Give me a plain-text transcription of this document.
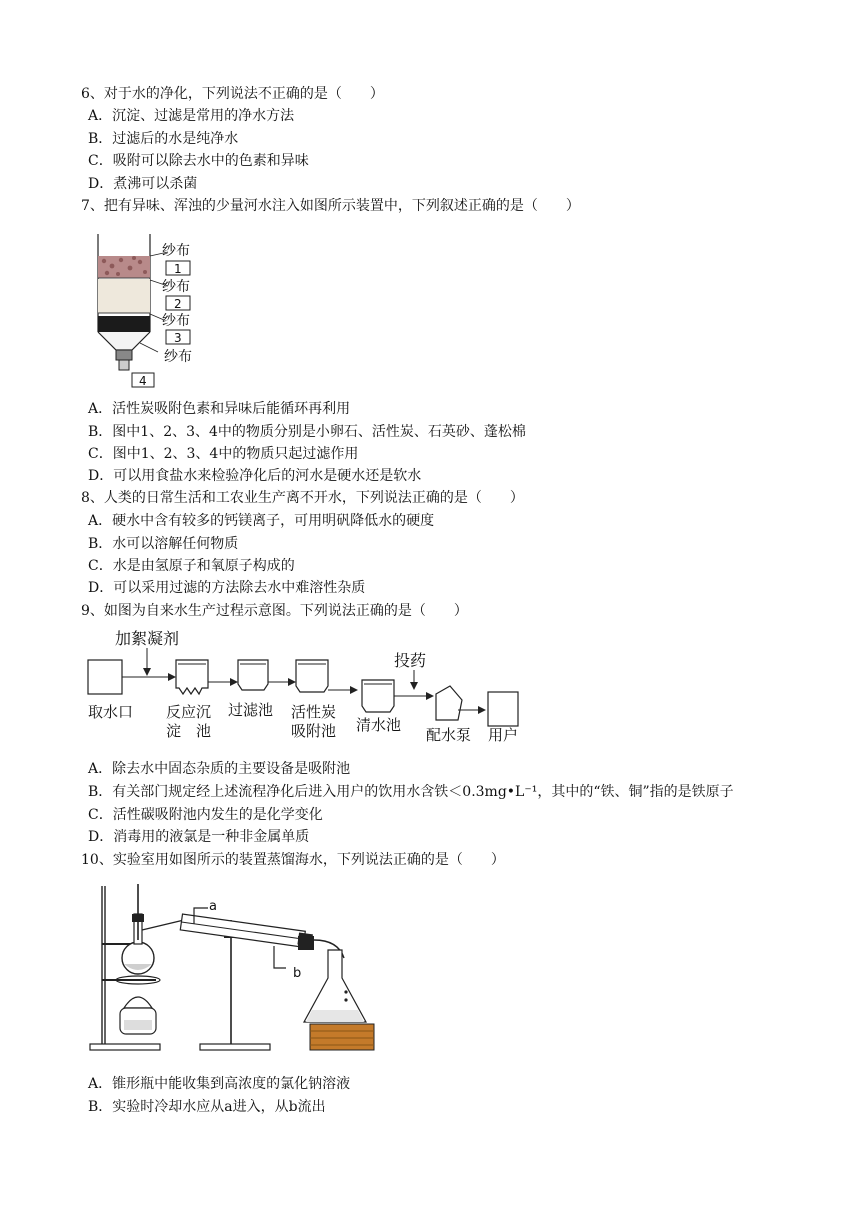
6、对于水的净化，下列说法不正确的是（　　）
A．沉淀、过滤是常用的净水方法
B．过滤后的水是纯净水
C．吸附可以除去水中的色素和异味
D．煮沸可以杀菌
7、把有异味、浑浊的少量河水注入如图所示装置中，下列叙述正确的是（　　）
纱布
1
纱布
2
纱布
3
纱布
4
A．活性炭吸附色素和异味后能循环再利用
B．图中1、2、3、4中的物质分别是小卵石、活性炭、石英砂、蓬松棉
C．图中1、2、3、4中的物质只起过滤作用
D．可以用食盐水来检验净化后的河水是硬水还是软水
8、人类的日常生活和工农业生产离不开水，下列说法正确的是（　　）
A．硬水中含有较多的钙镁离子，可用明矾降低水的硬度
B．水可以溶解任何物质
C．水是由氢原子和氧原子构成的
D．可以采用过滤的方法除去水中难溶性杂质
9、如图为自来水生产过程示意图。下列说法正确的是（　　）
加絮凝剂
投药
取水口 反应沉
淀　池
过滤池 活性炭
吸附池 清水池
配水泵 用户
A．除去水中固态杂质的主要设备是吸附池
B．有关部门规定经上述流程净化后进入用户的饮用水含铁＜0.3mg•L⁻¹，其中的“铁、铜”指的是铁原子
C．活性碳吸附池内发生的是化学变化
D．消毒用的液氯是一种非金属单质
10、实验室用如图所示的装置蒸馏海水，下列说法正确的是（　　）
a
b
A．锥形瓶中能收集到高浓度的氯化钠溶液
B．实验时冷却水应从a进入，从b流出
